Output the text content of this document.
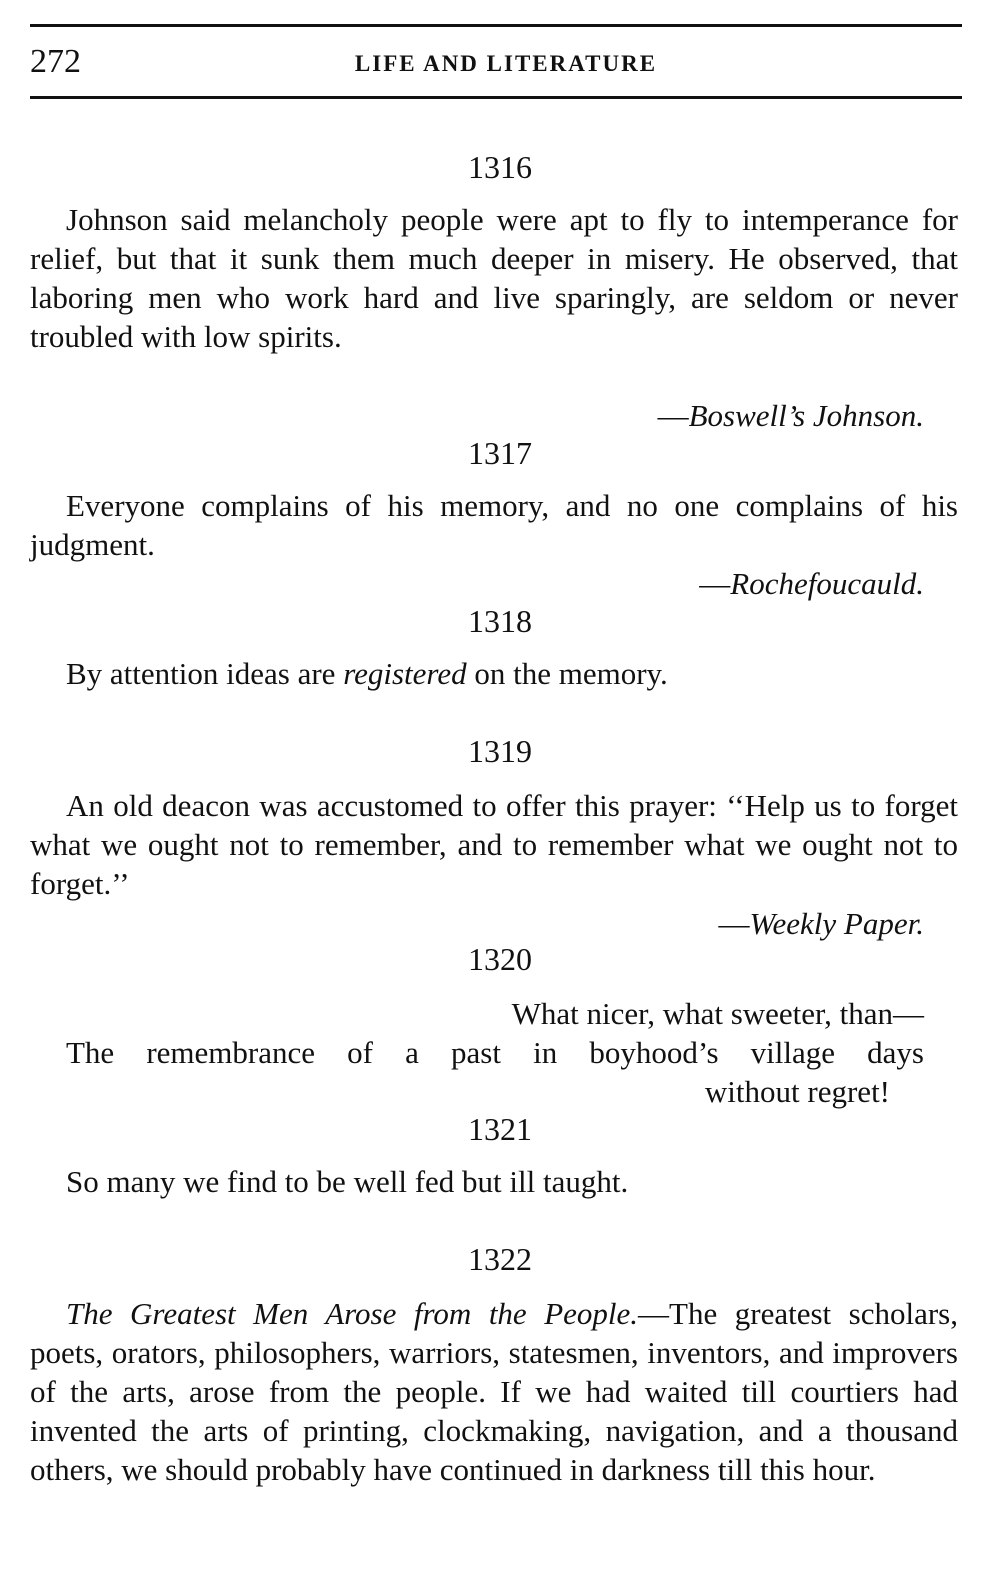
272	LIFE AND LITERATURE
1316
Johnson said melancholy people were apt to fly to intemperance for relief, but that it sunk them much deeper in misery. He observed, that laboring men who work hard and live sparingly, are seldom or never troubled with low spirits.
—Boswell’s Johnson.
1317
Everyone complains of his memory, and no one complains of his judgment.
—Rochefoucauld.
1318
By attention ideas are registered on the memory.
1319
An old deacon was accustomed to offer this prayer: ‘‘Help us to forget what we ought not to remember, and to remember what we ought not to forget.’’
—Weekly Paper.
1320
What nicer, what sweeter, than—
The remembrance of a past in boyhood’s village days
without regret!
1321
So many we find to be well fed but ill taught.
1322
The Greatest Men Arose from the People.—The greatest scholars, poets, orators, philosophers, warriors, statesmen, inventors, and improvers of the arts, arose from the people. If we had waited till courtiers had invented the arts of printing, clockmaking, navigation, and a thousand others, we should probably have continued in darkness till this hour.
